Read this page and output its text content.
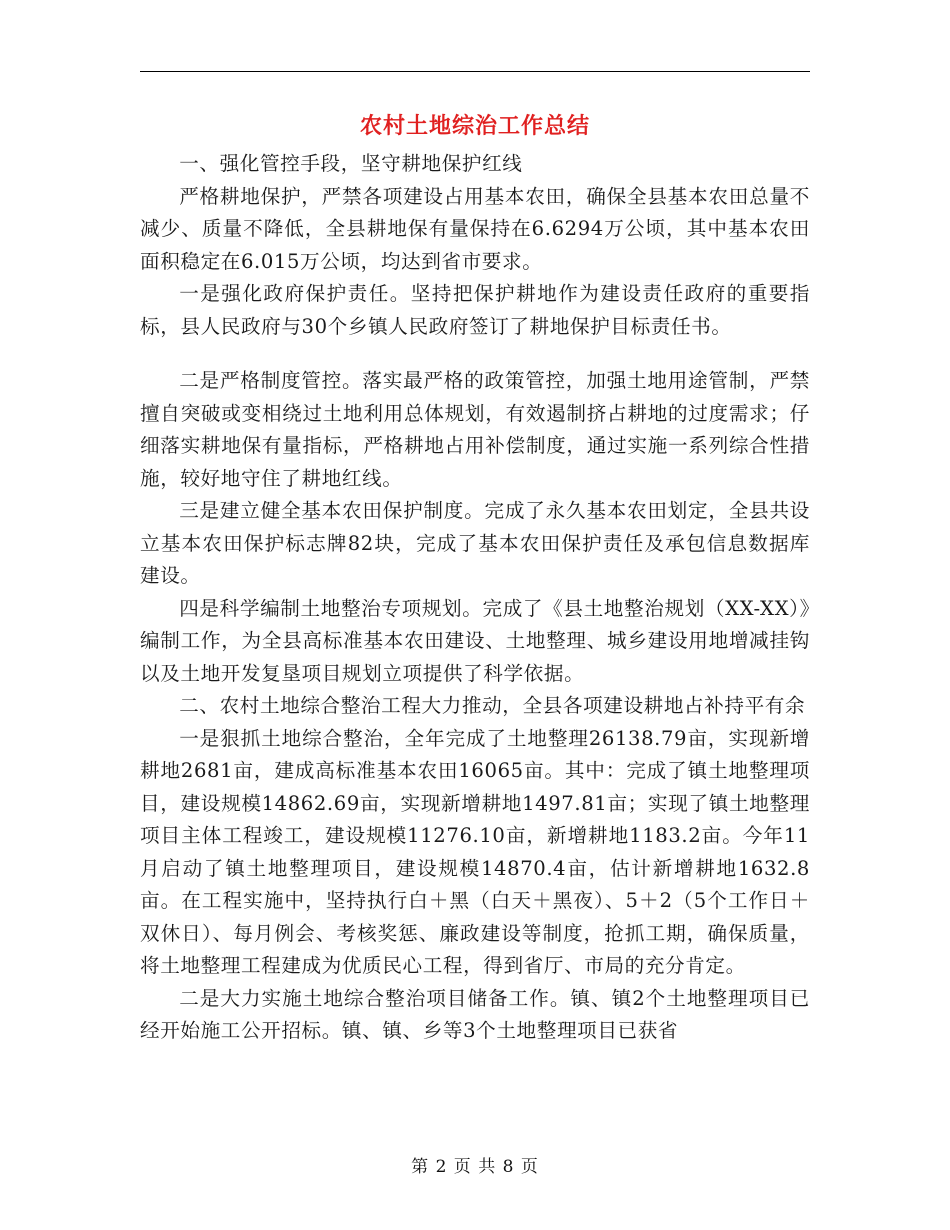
农村土地综治工作总结

一、强化管控手段，坚守耕地保护红线

严格耕地保护，严禁各项建设占用基本农田，确保全县基本农田总量不减少、质量不降低，全县耕地保有量保持在6.6294万公顷，其中基本农田面积稳定在6.015万公顷，均达到省市要求。

一是强化政府保护责任。坚持把保护耕地作为建设责任政府的重要指标，县人民政府与30个乡镇人民政府签订了耕地保护目标责任书。

二是严格制度管控。落实最严格的政策管控，加强土地用途管制，严禁擅自突破或变相绕过土地利用总体规划，有效遏制挤占耕地的过度需求；仔细落实耕地保有量指标，严格耕地占用补偿制度，通过实施一系列综合性措施，较好地守住了耕地红线。

三是建立健全基本农田保护制度。完成了永久基本农田划定，全县共设立基本农田保护标志牌82块，完成了基本农田保护责任及承包信息数据库建设。

四是科学编制土地整治专项规划。完成了《县土地整治规划（XX-XX）》编制工作，为全县高标准基本农田建设、土地整理、城乡建设用地增减挂钩以及土地开发复垦项目规划立项提供了科学依据。

二、农村土地综合整治工程大力推动，全县各项建设耕地占补持平有余

一是狠抓土地综合整治，全年完成了土地整理26138.79亩，实现新增耕地2681亩，建成高标准基本农田16065亩。其中：完成了镇土地整理项目，建设规模14862.69亩，实现新增耕地1497.81亩；实现了镇土地整理项目主体工程竣工，建设规模11276.10亩，新增耕地1183.2亩。今年11月启动了镇土地整理项目，建设规模14870.4亩，估计新增耕地1632.8亩。在工程实施中，坚持执行白＋黑（白天＋黑夜）、5＋2（5个工作日＋双休日）、每月例会、考核奖惩、廉政建设等制度，抢抓工期，确保质量，将土地整理工程建成为优质民心工程，得到省厅、市局的充分肯定。

二是大力实施土地综合整治项目储备工作。镇、镇2个土地整理项目已经开始施工公开招标。镇、镇、乡等3个土地整理项目已获省

第 2 页 共 8 页
